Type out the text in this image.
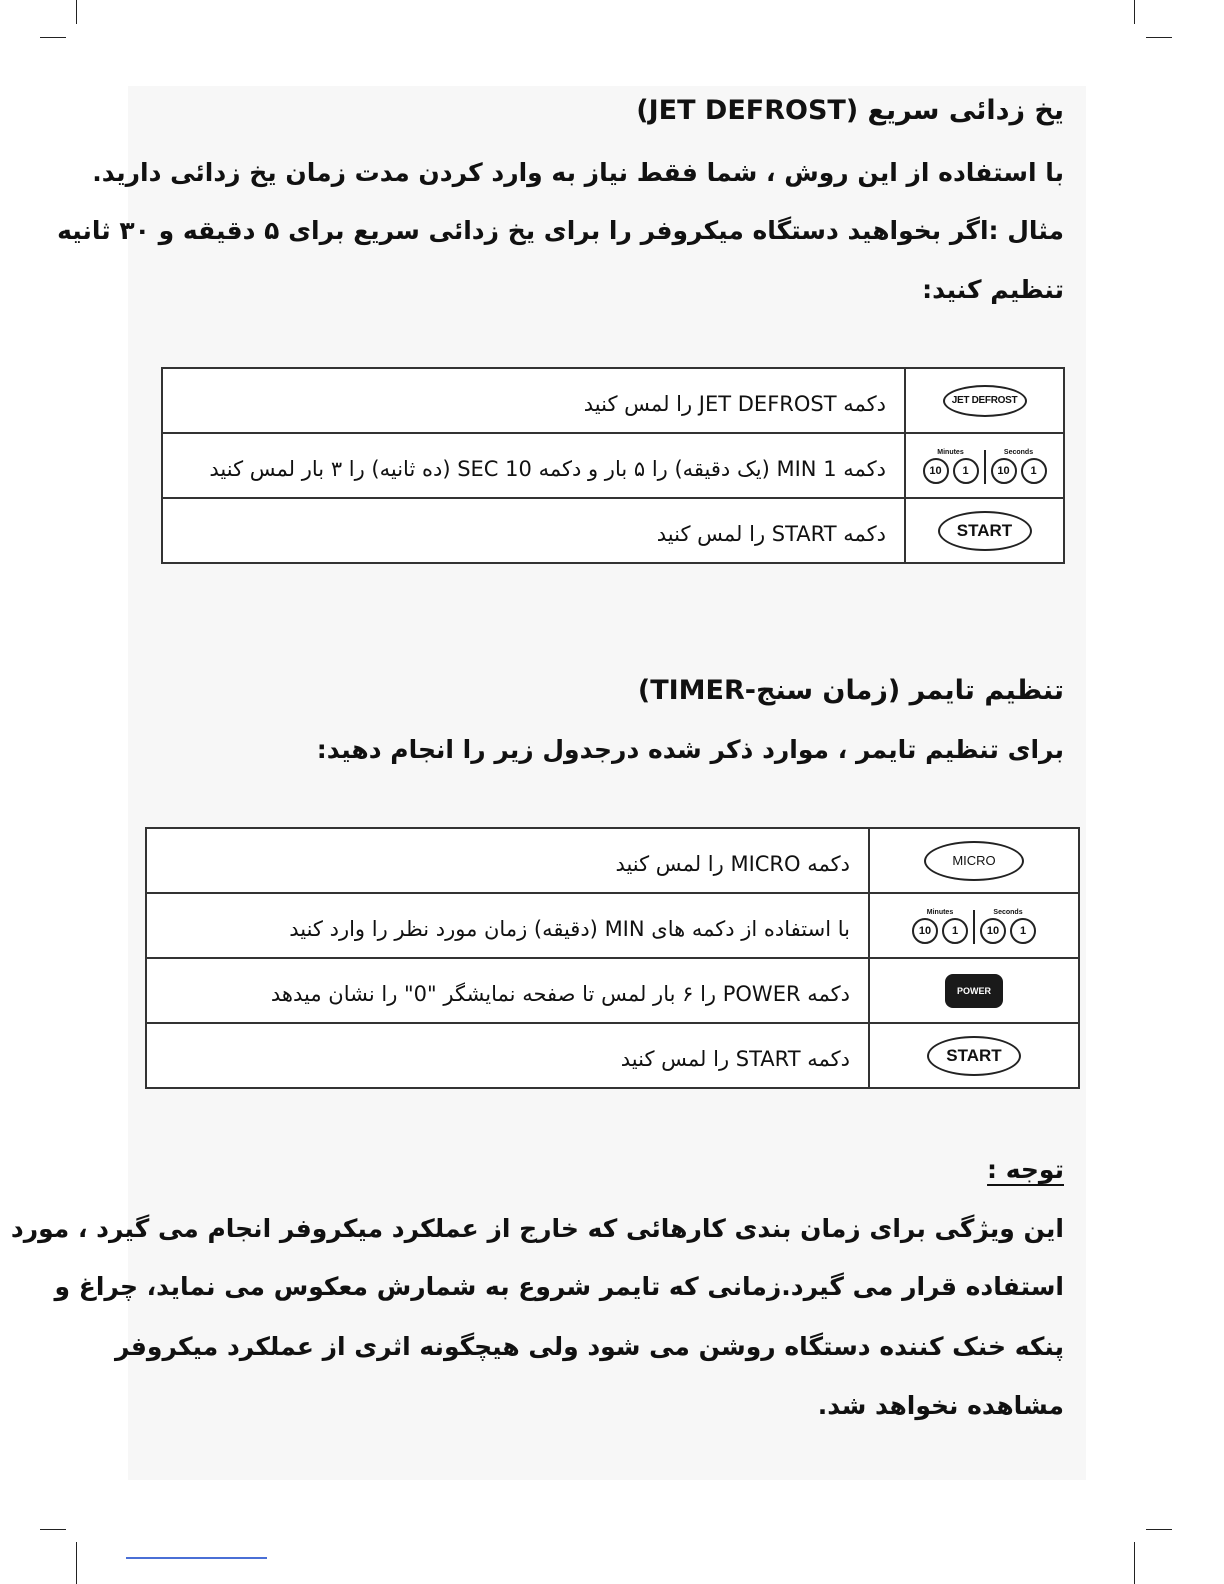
یخ زدائی سریع (JET DEFROST)
با استفاده از این روش ، شما فقط نیاز به وارد کردن مدت زمان یخ زدائی دارید.
مثال :اگر بخواهید دستگاه میکروفر را برای یخ زدائی سریع برای ۵ دقیقه و ۳۰ ثانیه
تنظیم کنید:
JET DEFROST	دکمه JET DEFROST را لمس کنید

Minutes
10 1
Seconds
10 1	دکمه 1 MIN (یک دقیقه) را ۵ بار و دکمه 10 SEC (ده ثانیه) را ۳ بار لمس کنید
START	دکمه START را لمس کنید
تنظیم تایمر (زمان سنج-TIMER)
برای تنظیم تایمر ، موارد ذکر شده درجدول زیر را انجام دهید:
MICRO	دکمه MICRO را لمس کنید

Minutes
10 1
Seconds
10 1	با استفاده از دکمه های MIN (دقیقه) زمان مورد نظر را وارد کنید
POWER	دکمه POWER را ۶ بار لمس تا صفحه نمایشگر "0" را نشان میدهد
START	دکمه START را لمس کنید
توجه :
این ویژگی برای زمان بندی کارهائی که خارج از عملکرد میکروفر انجام می گیرد ، مورد
استفاده قرار می گیرد.زمانی که تایمر شروع به شمارش معکوس می نماید، چراغ و
پنکه خنک کننده دستگاه روشن می شود ولی هیچگونه اثری از عملکرد میکروفر
مشاهده نخواهد شد.
